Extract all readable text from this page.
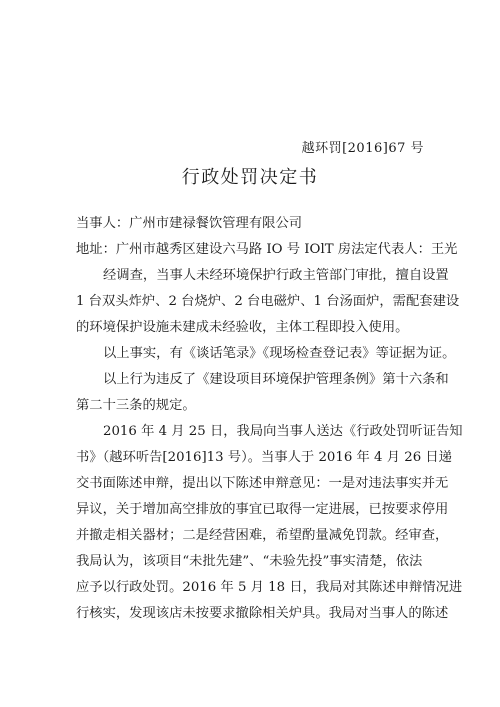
越环罚[2016]67 号
行政处罚决定书
当事人：广州市建禄餐饮管理有限公司
地址：广州市越秀区建设六马路 IO 号 IOlT 房法定代表人：王光
经调查，当事人未经环境保护行政主管部门审批，擅自设置
1 台双头炸炉、2 台烧炉、2 台电磁炉、1 台汤面炉，需配套建设
的环境保护设施未建成未经验收，主体工程即投入使用。
以上事实，有《谈话笔录》《现场检查登记表》等证据为证。
以上行为违反了《建设项目环境保护管理条例》第十六条和
第二十三条的规定。
2016 年 4 月 25 日，我局向当事人送达《行政处罚听证告知
书》（越环听告[2016]13 号）。当事人于 2016 年 4 月 26 日递
交书面陈述申辩，提出以下陈述申辩意见：一是对违法事实并无
异议，关于增加高空排放的事宜已取得一定进展，已按要求停用
并撤走相关器材；二是经营困难，希望酌量减免罚款。经审查，
我局认为，该项目“未批先建”、“未验先投”事实清楚，依法
应予以行政处罚。2016 年 5 月 18 日，我局对其陈述申辩情况进
行核实，发现该店未按要求撤除相关炉具。我局对当事人的陈述
